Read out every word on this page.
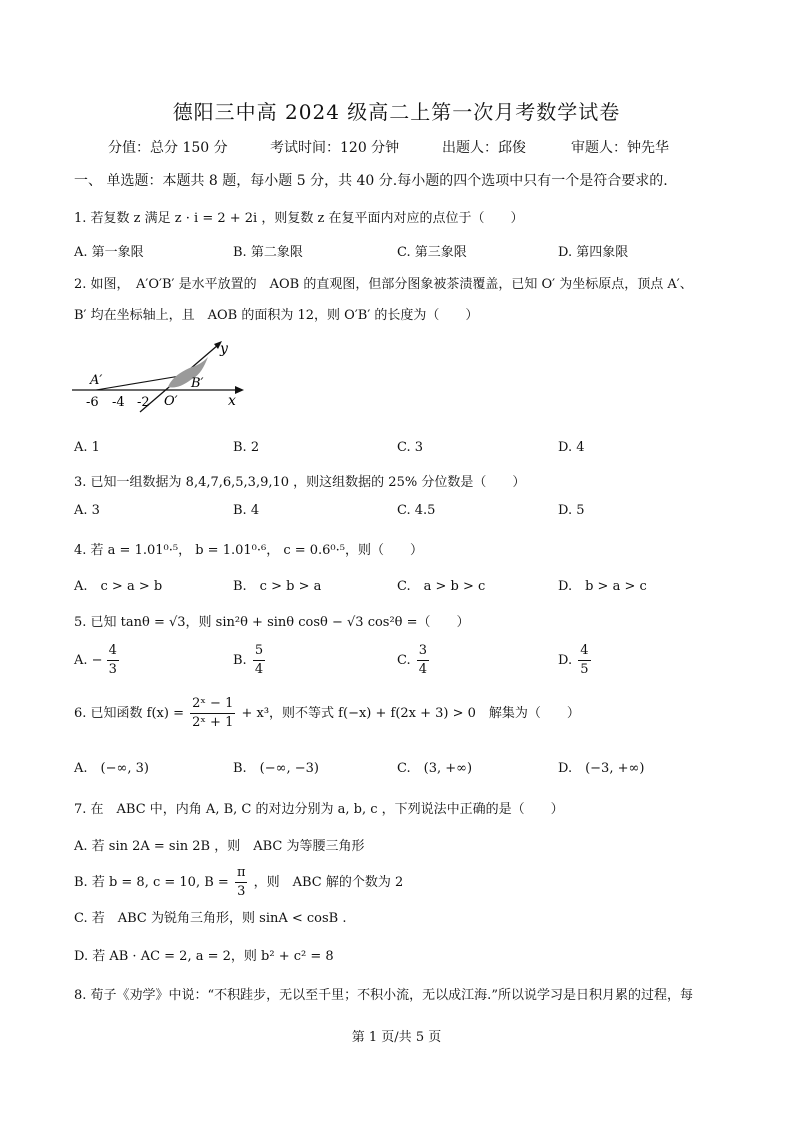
德阳三中高 2024 级高二上第一次月考数学试卷
分值：总分 150 分	考试时间：120 分钟	出题人：邱俊	审题人：钟先华
一、 单选题：本题共 8 题，每小题 5 分，共 40 分.每小题的四个选项中只有一个是符合要求的.
1. 若复数 z 满足 z · i = 2 + 2i ，则复数 z 在复平面内对应的点位于（　　）
A. 第一象限	B. 第二象限	C. 第三象限	D. 第四象限
2. 如图，　A′O′B′ 是水平放置的　AOB 的直观图，但部分图象被茶渍覆盖，已知 O′ 为坐标原点，顶点 A′、
B′ 均在坐标轴上，且　AOB 的面积为 12，则 O′B′ 的长度为（　　）
y
x
A′	B′
O′
-6 -4 -2
A. 1	B. 2	C. 3	D. 4
3. 已知一组数据为 8,4,7,6,5,3,9,10 ，则这组数据的 25% 分位数是（　　）
A. 3	B. 4	C. 4.5	D. 5
4. 若 a = 1.01⁰·⁵， b = 1.01⁰·⁶， c = 0.6⁰·⁵，则（　　）
A.　c > a > b	B.　c > b > a	C.　a > b > c	D.　b > a > c
5. 已知 tanθ = √3，则 sin²θ + sinθ cosθ − √3 cos²θ =（　　）
A. − $\frac{4}{3}$	B. $\frac{5}{4}$	C. $\frac{3}{4}$	D. $\frac{4}{5}$
6. 已知函数 $f(x) = \frac{\text{2ˣ − 1}}{\text{2ˣ + 1}} + x^3$，则不等式 f(−x) + f(2x + 3) > 0　解集为（　　）
A.　(−∞, 3)	B.　(−∞, −3)	C.　(3, +∞)	D.　(−3, +∞)
7. 在　ABC 中，内角 A, B, C 的对边分别为 a, b, c ，下列说法中正确的是（　　）
A. 若 sin 2A = sin 2B ，则　ABC 为等腰三角形
B. 若 b = 8, c = 10, $B = \frac{\pi}{3}$ ，则　ABC 解的个数为 2
C. 若　ABC 为锐角三角形，则 sinA < cosB .
D. 若 AB · AC = 2, a = 2，则 b² + c² = 8
8. 荀子《劝学》中说：“不积跬步，无以至千里；不积小流，无以成江海.”所以说学习是日积月累的过程，每
第 1 页/共 5 页
